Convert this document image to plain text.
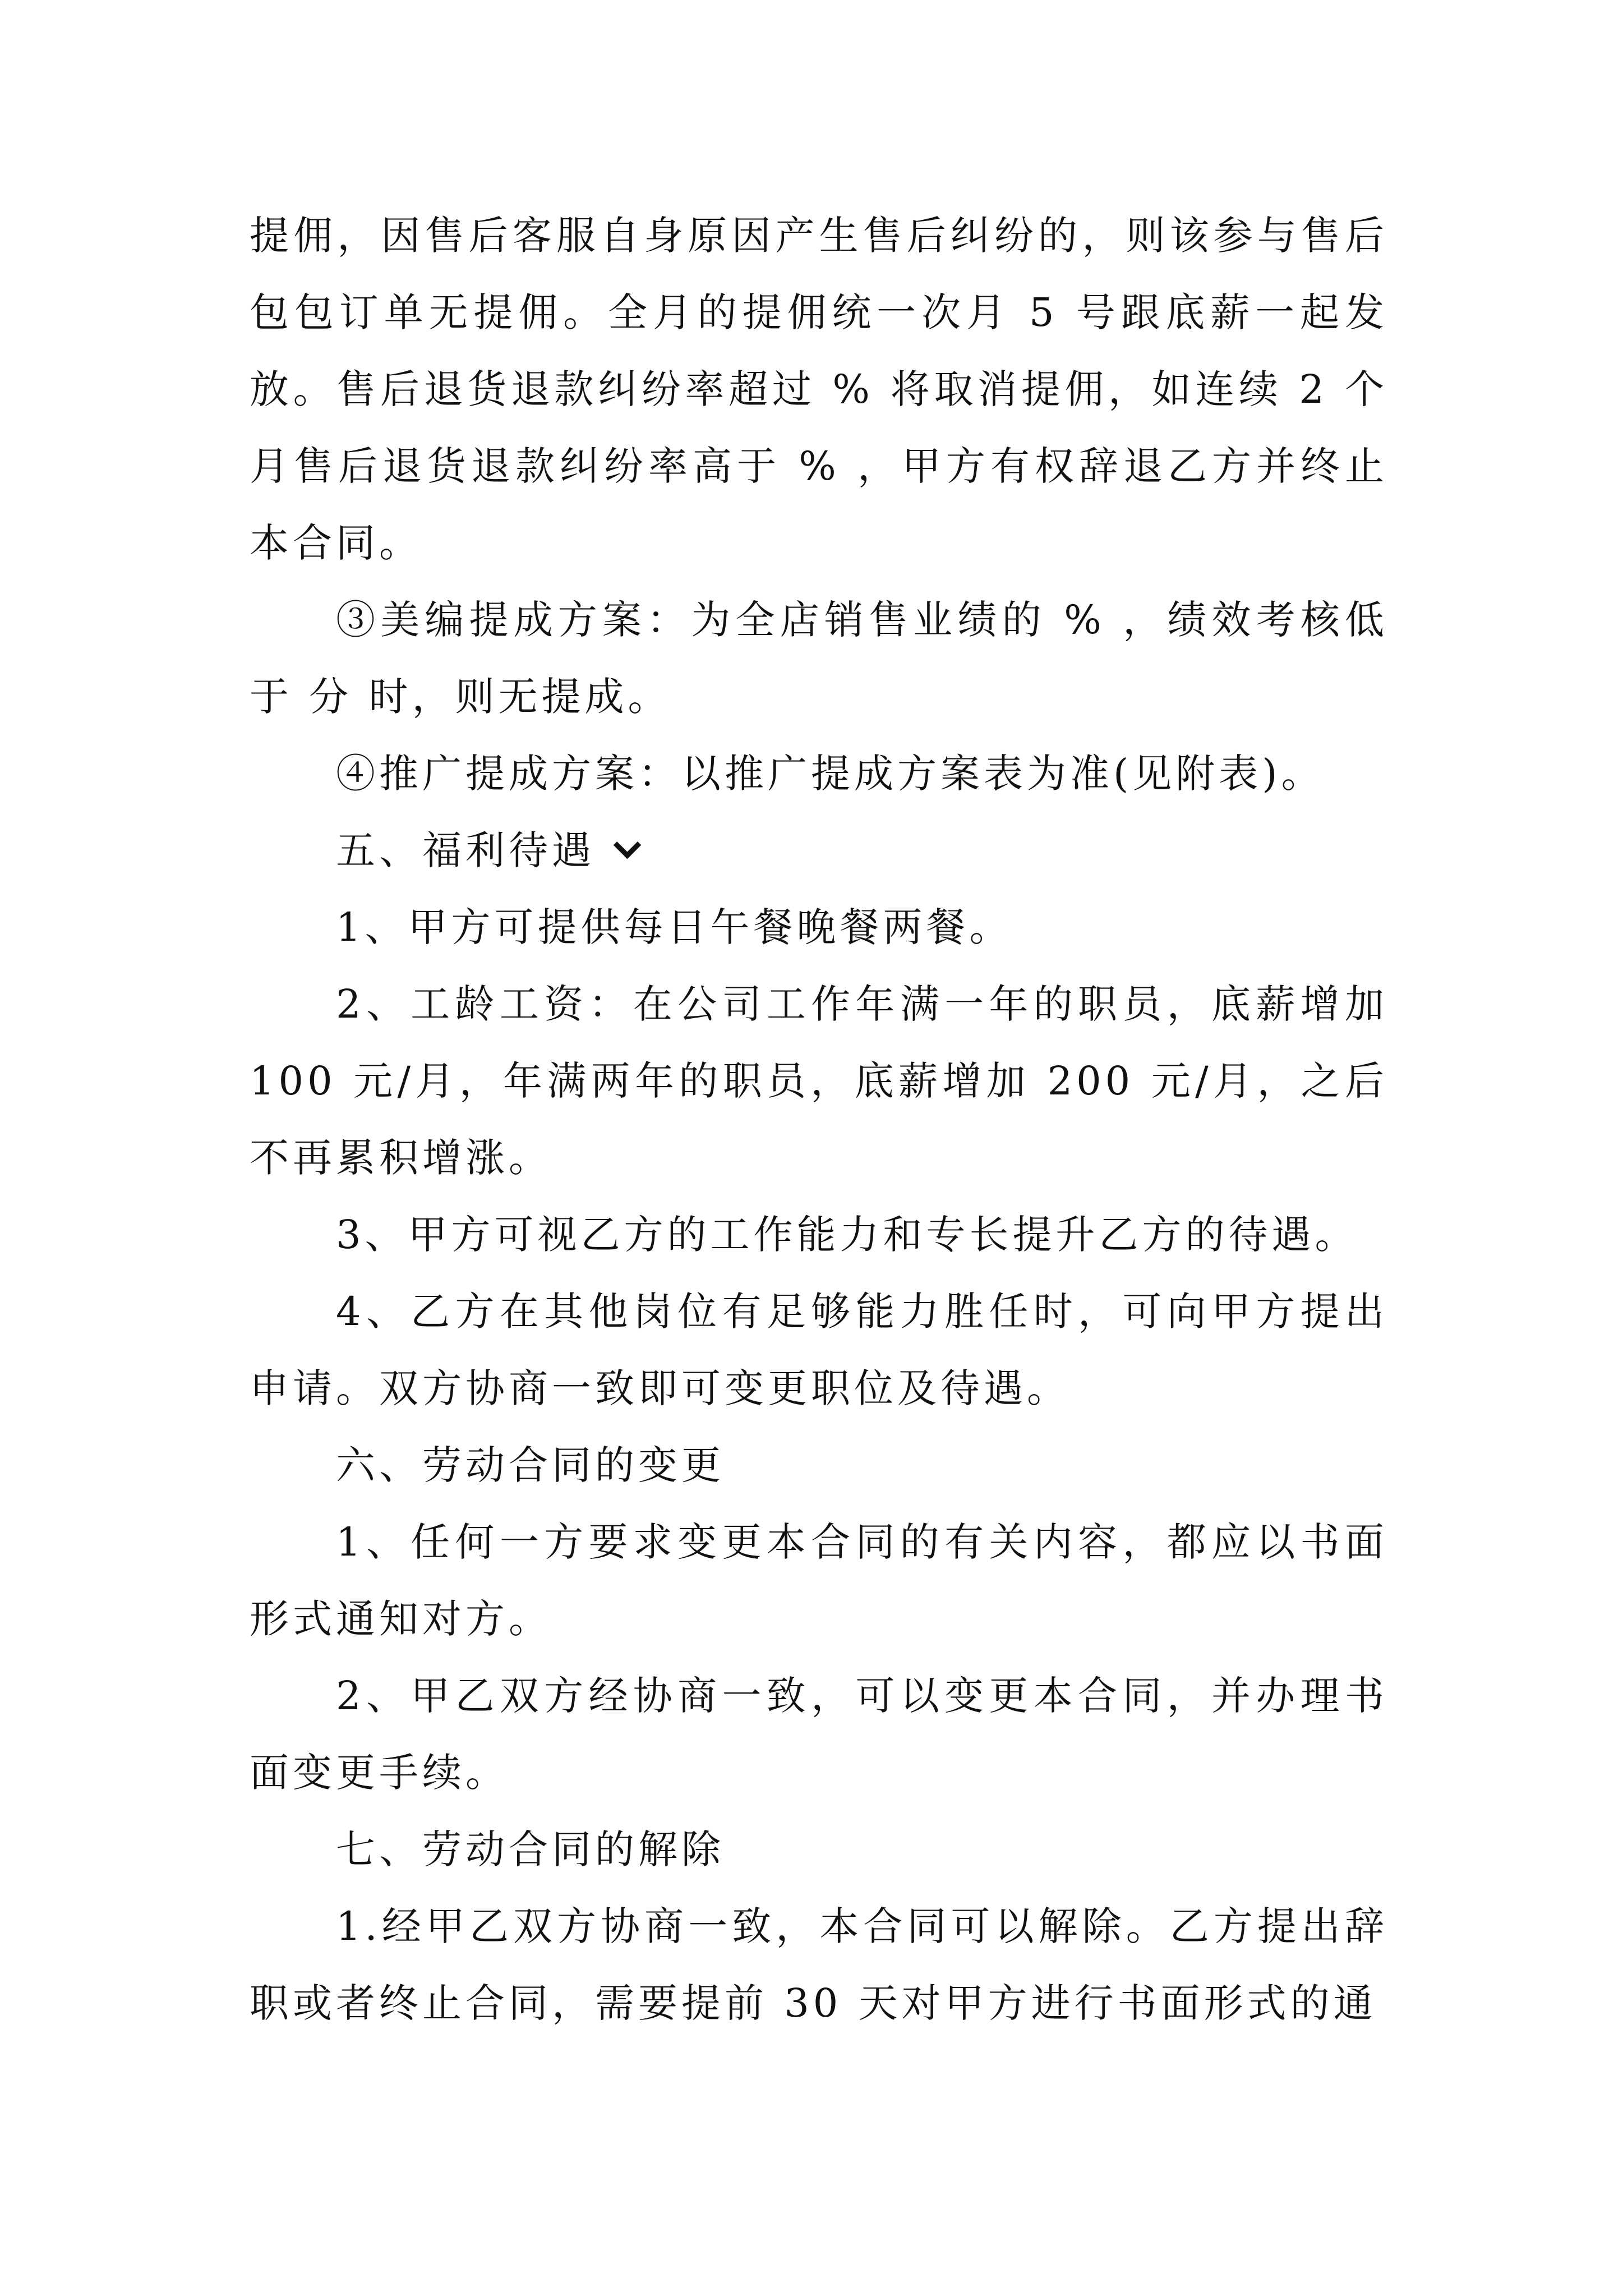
提佣，因售后客服自身原因产生售后纠纷的，则该参与售后包包订单无提佣。全月的提佣统一次月 5 号跟底薪一起发放。售后退货退款纠纷率超过 % 将取消提佣，如连续 2 个月售后退货退款纠纷率高于 % ，甲方有权辞退乙方并终止本合同。

③美编提成方案：为全店销售业绩的 % ，绩效考核低于 分 时，则无提成。

④推广提成方案：以推广提成方案表为准(见附表)。

五、福利待遇

1、甲方可提供每日午餐晚餐两餐。

2、工龄工资：在公司工作年满一年的职员，底薪增加 100 元/月，年满两年的职员，底薪增加 200 元/月，之后不再累积增涨。

3、甲方可视乙方的工作能力和专长提升乙方的待遇。

4、乙方在其他岗位有足够能力胜任时，可向甲方提出申请。双方协商一致即可变更职位及待遇。

六、劳动合同的变更

1、任何一方要求变更本合同的有关内容，都应以书面形式通知对方。

2、甲乙双方经协商一致，可以变更本合同，并办理书面变更手续。

七、劳动合同的解除

1.经甲乙双方协商一致，本合同可以解除。乙方提出辞职或者终止合同，需要提前 30 天对甲方进行书面形式的通
